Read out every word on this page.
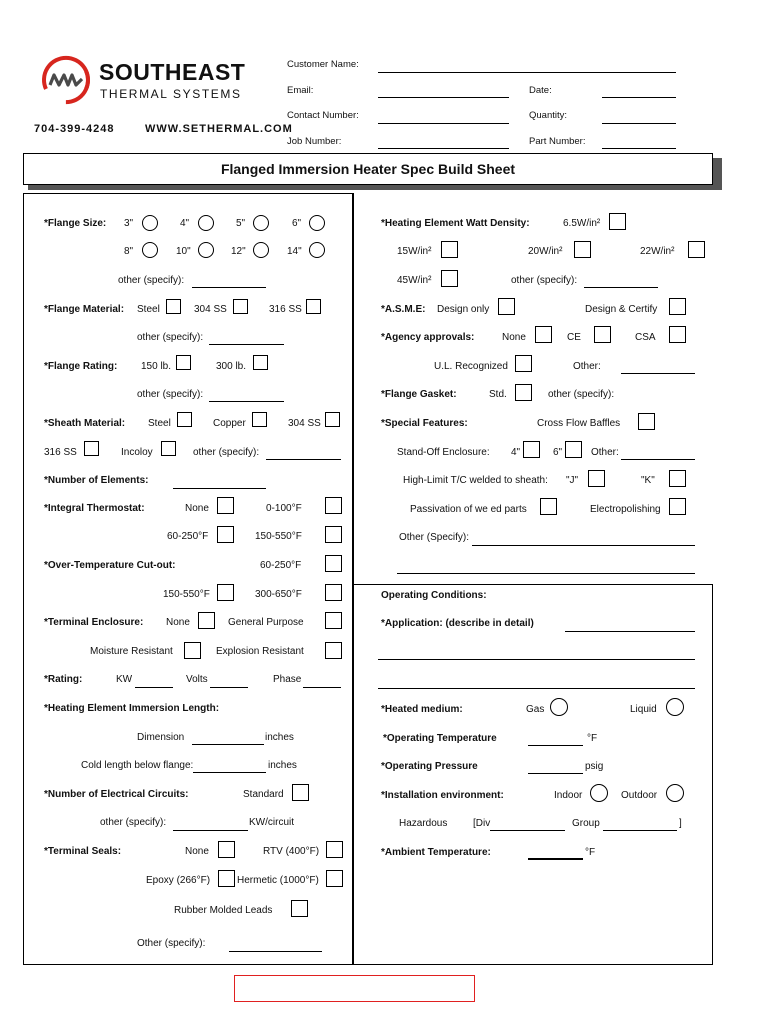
SOUTHEAST
THERMAL SYSTEMS
704-399-4248	WWW.SETHERMAL.COM
Customer Name:
Email:
Contact Number:
Job Number:
Date:
Quantity:
Part Number:
Flanged Immersion Heater Spec Build Sheet
*Flange Size: 3"	4"	5"	6"
8"	10"	12"	14"
other (specify):
*Flange Material: Steel	304 SS	316 SS
other (specify):
*Flange Rating: 150 lb.	300 lb.
other (specify):
*Sheath Material: Steel	Copper	304 SS
316 SS	Incoloy	other (specify):
*Number of Elements:
*Integral Thermostat:	None	0-100°F
60-250°F	150-550°F
*Over-Temperature Cut-out:	60-250°F
150-550°F	300-650°F
*Terminal Enclosure: None	General Purpose
Moisture Resistant	Explosion Resistant
*Rating:	KW	Volts	Phase
*Heating Element Immersion Length:
Dimension	inches
Cold length below flange:	inches
*Number of Electrical Circuits:	Standard
other (specify):	KW/circuit
*Terminal Seals:	None	RTV (400°F)
Epoxy (266°F)	Hermetic (1000°F)
Rubber Molded Leads
Other (specify):
*Heating Element Watt Density:	6.5W/in²
15W/in²	20W/in²	22W/in²
45W/in²	other (specify):
*A.S.M.E: Design only	Design & Certify
*Agency approvals:	None	CE	CSA
U.L. Recognized	Other:
*Flange Gasket:	Std.	other (specify):
*Special Features:	Cross Flow Baffles
Stand-Off Enclosure: 4"	6"	Other:
High-Limit T/C welded to sheath: "J"	"K"
Passivation of we ed parts	Electropolishing
Other (Specify):
Operating Conditions:
*Application: (describe in detail)
*Heated medium:	Gas	Liquid
*Operating Temperature	°F
*Operating Pressure	psig
*Installation environment:	Indoor	Outdoor
Hazardous	[Div	Group	]
*Ambient Temperature:	°F
